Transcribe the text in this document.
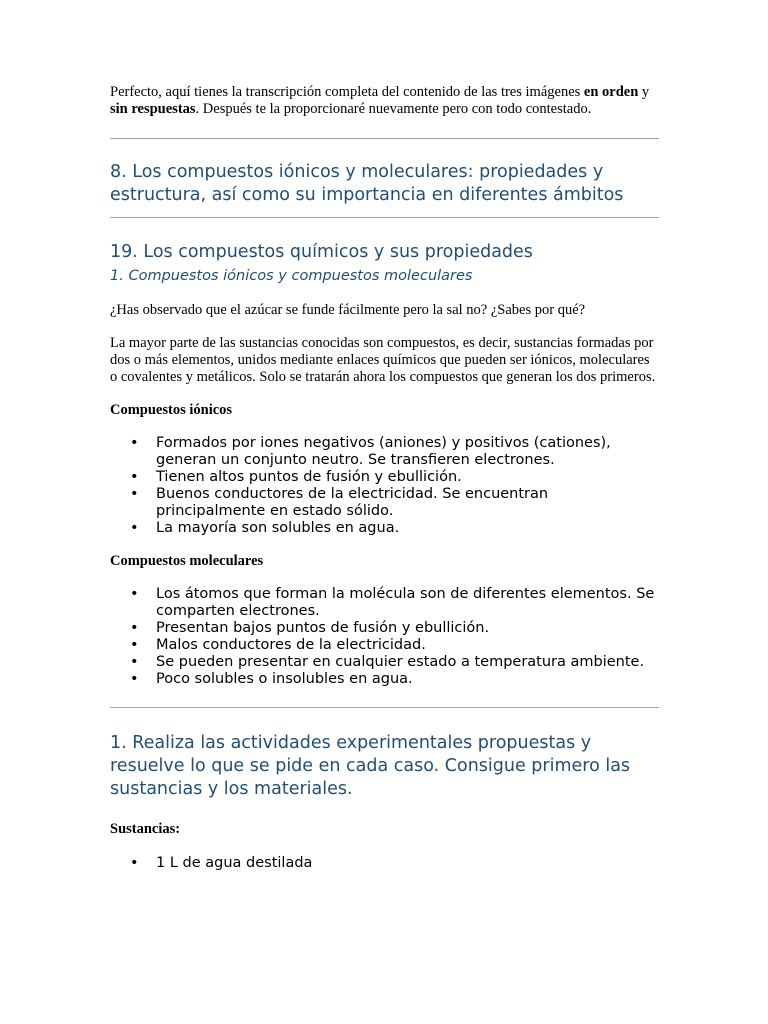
Perfecto, aquí tienes la transcripción completa del contenido de las tres imágenes en orden y sin respuestas. Después te la proporcionaré nuevamente pero con todo contestado.

8. Los compuestos iónicos y moleculares: propiedades y estructura, así como su importancia en diferentes ámbitos
19. Los compuestos químicos y sus propiedades
1. Compuestos iónicos y compuestos moleculares

¿Has observado que el azúcar se funde fácilmente pero la sal no? ¿Sabes por qué?

La mayor parte de las sustancias conocidas son compuestos, es decir, sustancias formadas por dos o más elementos, unidos mediante enlaces químicos que pueden ser iónicos, moleculares o covalentes y metálicos. Solo se tratarán ahora los compuestos que generan los dos primeros.

Compuestos iónicos

• Formados por iones negativos (aniones) y positivos (cationes), generan un conjunto neutro. Se transfieren electrones.
• Tienen altos puntos de fusión y ebullición.
• Buenos conductores de la electricidad. Se encuentran principalmente en estado sólido.
• La mayoría son solubles en agua.

Compuestos moleculares

• Los átomos que forman la molécula son de diferentes elementos. Se comparten electrones.
• Presentan bajos puntos de fusión y ebullición.
• Malos conductores de la electricidad.
• Se pueden presentar en cualquier estado a temperatura ambiente.
• Poco solubles o insolubles en agua.
1. Realiza las actividades experimentales propuestas y resuelve lo que se pide en cada caso. Consigue primero las sustancias y los materiales.

Sustancias:

• 1 L de agua destilada
